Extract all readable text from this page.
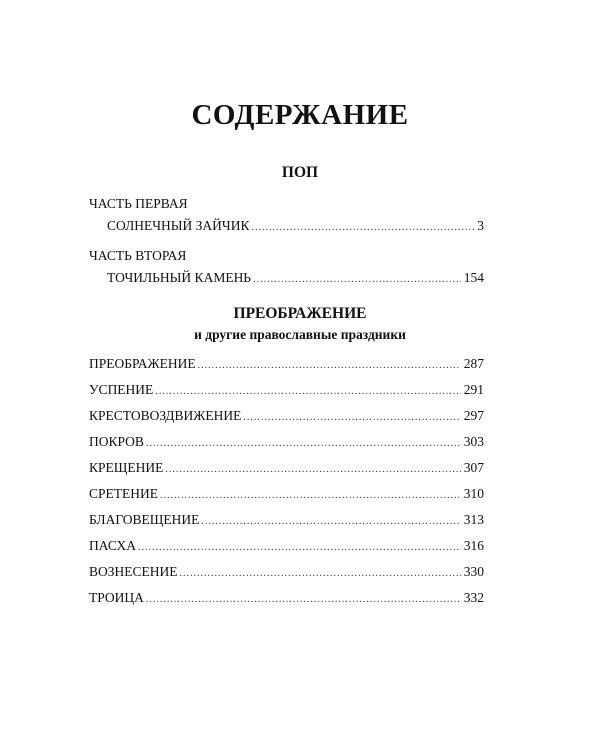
СОДЕРЖАНИЕ
ПОП
ЧАСТЬ ПЕРВАЯ
СОЛНЕЧНЫЙ ЗАЙЧИК .....	3
ЧАСТЬ ВТОРАЯ
ТОЧИЛЬНЫЙ КАМЕНЬ .....	154
ПРЕОБРАЖЕНИЕ
и другие православные праздники
ПРЕОБРАЖЕНИЕ .....	287
УСПЕНИЕ .....	291
КРЕСТОВОЗДВИЖЕНИЕ .....	297
ПОКРОВ .....	303
КРЕЩЕНИЕ .....	307
СРЕТЕНИЕ .....	310
БЛАГОВЕЩЕНИЕ .....	313
ПАСХА .....	316
ВОЗНЕСЕНИЕ .....	330
ТРОИЦА .....	332
